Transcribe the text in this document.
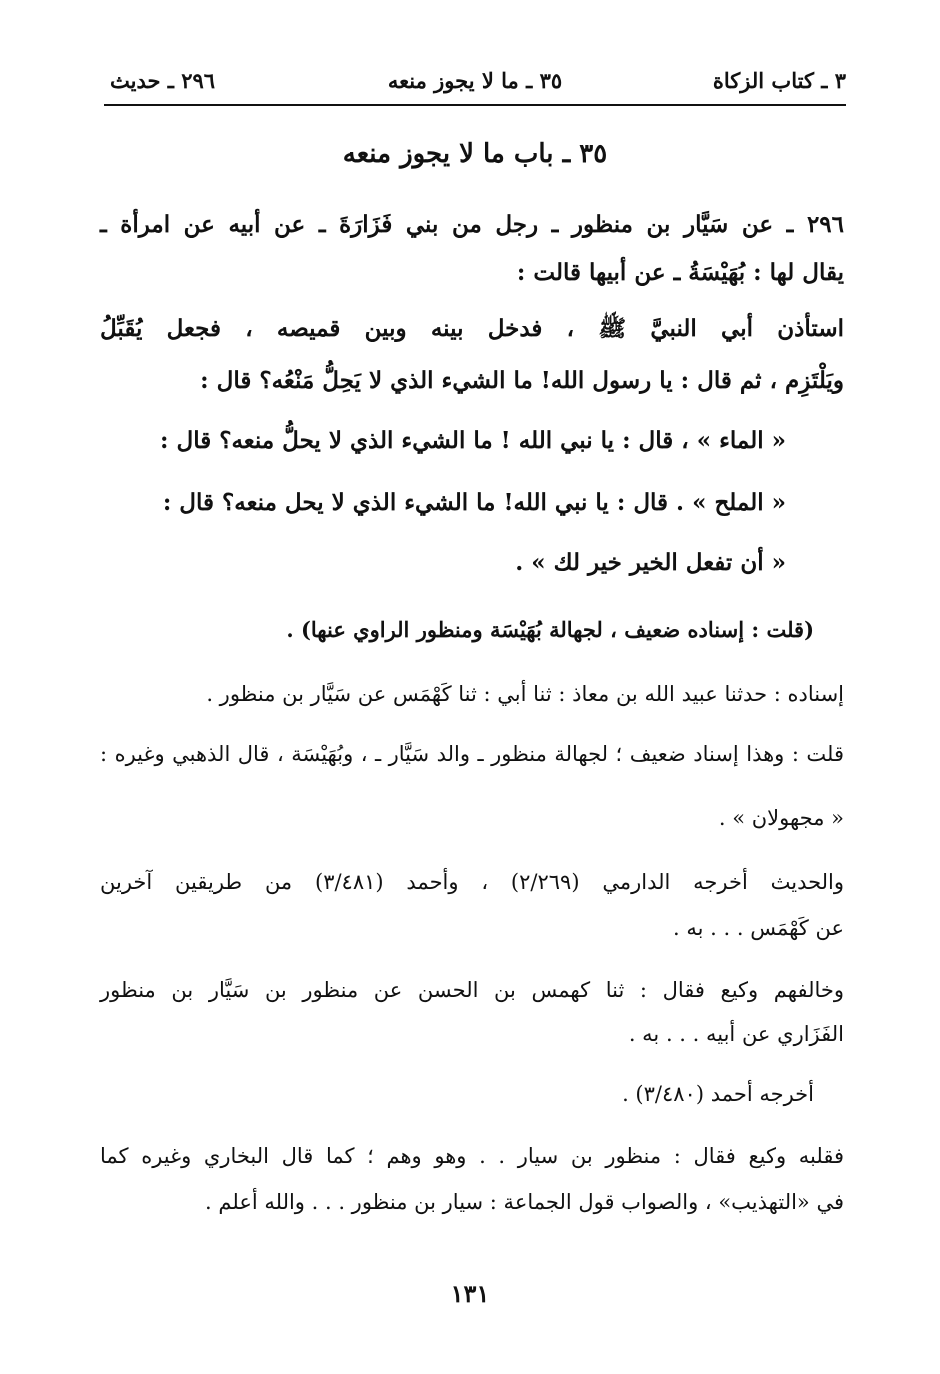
٣ ـ كتاب الزكاة
٣٥ ـ ما لا يجوز منعه
٢٩٦ ـ حديث
٣٥ ـ باب ما لا يجوز منعه
٢٩٦ ـ عن سَيَّار بن منظور ـ رجل من بني فَزَارَةَ ـ عن أبيه عن امرأة ـ
يقال لها : بُهَيْسَةُ ـ عن أبيها قالت :
استأذن أبي النبيَّ ﷺ ، فدخل بينه وبين قميصه ، فجعل يُقَبِّلُ
ويَلْتَزِم ، ثم قال : يا رسول الله! ما الشيء الذي لا يَحِلُّ مَنْعُه؟ قال :
« الماء » ، قال : يا نبي الله ! ما الشيء الذي لا يحلُّ منعه؟ قال :
« الملح » . قال : يا نبي الله! ما الشيء الذي لا يحل منعه؟ قال :
« أن تفعل الخير خير لك » .
(قلت : إسناده ضعيف ، لجهالة بُهَيْسَة ومنظور الراوي عنها) .
إسناده : حدثنا عبيد الله بن معاذ : ثنا أبي : ثنا كَهْمَس عن سَيَّار بن منظور .
قلت : وهذا إسناد ضعيف ؛ لجهالة منظور ـ والد سَيَّار ـ ، وبُهَيْسَة ، قال الذهبي وغيره :
« مجهولان » .
والحديث أخرجه الدارمي (٢/٢٦٩) ، وأحمد (٣/٤٨١) من طريقين آخرين
عن كَهْمَس . . . به .
وخالفهم وكيع فقال : ثنا كهمس بن الحسن عن منظور بن سَيَّار بن منظور
الفَزَاري عن أبيه . . . به .
أخرجه أحمد (٣/٤٨٠) .
فقلبه وكيع فقال : منظور بن سيار . . وهو وهم ؛ كما قال البخاري وغيره كما
في «التهذيب» ، والصواب قول الجماعة : سيار بن منظور . . . والله أعلم .
١٣١
